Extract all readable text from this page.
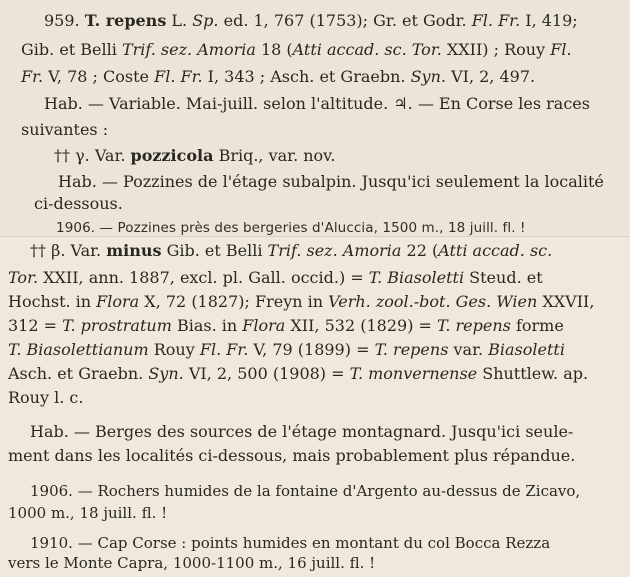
959. T. repens L. Sp. ed. 1, 767 (1753); Gr. et Godr. Fl. Fr. I, 419;
Gib. et Belli Trif. sez. Amoria 18 (Atti accad. sc. Tor. XXII) ; Rouy Fl.
Fr. V, 78 ; Coste Fl. Fr. I, 343 ; Asch. et Graebn. Syn. VI, 2, 497.
Hab. — Variable. Mai-juill. selon l'altitude. ♃. — En Corse les races
suivantes :
†† γ. Var. pozzicola Briq., var. nov.
Hab. — Pozzines de l'étage subalpin. Jusqu'ici seulement la localité
ci-dessous.
1906. — Pozzines près des bergeries d'Aluccia, 1500 m., 18 juill. fl. !
†† β. Var. minus Gib. et Belli Trif. sez. Amoria 22 (Atti accad. sc.
Tor. XXII, ann. 1887, excl. pl. Gall. occid.) = T. Biasoletti Steud. et
Hochst. in Flora X, 72 (1827); Freyn in Verh. zool.-bot. Ges. Wien XXVII,
312 = T. prostratum Bias. in Flora XII, 532 (1829) = T. repens forme
T. Biasolettianum Rouy Fl. Fr. V, 79 (1899) = T. repens var. Biasoletti
Asch. et Graebn. Syn. VI, 2, 500 (1908) = T. monvernense Shuttlew. ap.
Rouy l. c.
Hab. — Berges des sources de l'étage montagnard. Jusqu'ici seule-
ment dans les localités ci-dessous, mais probablement plus répandue.
1906. — Rochers humides de la fontaine d'Argento au-dessus de Zicavo,
1000 m., 18 juill. fl. !
1910. — Cap Corse : points humides en montant du col Bocca Rezza
vers le Monte Capra, 1000-1100 m., 16 juill. fl. !
